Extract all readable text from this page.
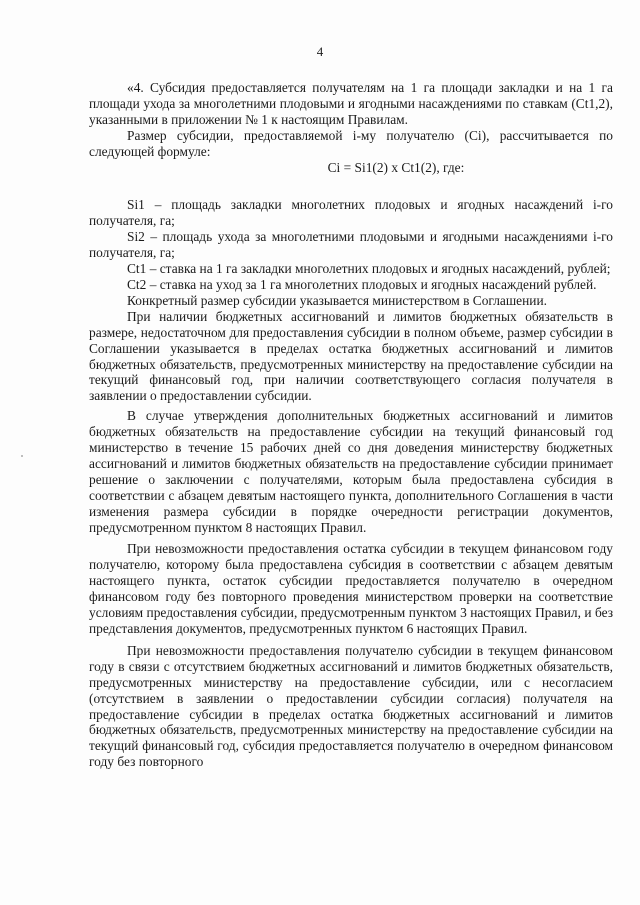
4

«4. Субсидия предоставляется получателям на 1 га площади закладки и на 1 га площади ухода за многолетними плодовыми и ягодными насаждениями по ставкам (Ct1,2), указанными в приложении № 1 к настоящим Правилам.

Размер субсидии, предоставляемой i-му получателю (Ci), рассчитывается по следующей формуле:

Ci = Si1(2) x Ct1(2), где:

Si1 – площадь закладки многолетних плодовых и ягодных насаждений i-го получателя, га;

Si2 – площадь ухода за многолетними плодовыми и ягодными насаждениями i-го получателя, га;

Ct1 – ставка на 1 га закладки многолетних плодовых и ягодных насаждений, рублей;

Ct2 – ставка на уход за 1 га многолетних плодовых и ягодных насаждений рублей.

Конкретный размер субсидии указывается министерством в Соглашении.

При наличии бюджетных ассигнований и лимитов бюджетных обязательств в размере, недостаточном для предоставления субсидии в полном объеме, размер субсидии в Соглашении указывается в пределах остатка бюджетных ассигнований и лимитов бюджетных обязательств, предусмотренных министерству на предоставление субсидии на текущий финансовый год, при наличии соответствующего согласия получателя в заявлении о предоставлении субсидии.

В случае утверждения дополнительных бюджетных ассигнований и лимитов бюджетных обязательств на предоставление субсидии на текущий финансовый год министерство в течение 15 рабочих дней со дня доведения министерству бюджетных ассигнований и лимитов бюджетных обязательств на предоставление субсидии принимает решение о заключении с получателями, которым была предоставлена субсидия в соответствии с абзацем девятым настоящего пункта, дополнительного Соглашения в части изменения размера субсидии в порядке очередности регистрации документов, предусмотренном пунктом 8 настоящих Правил.

При невозможности предоставления остатка субсидии в текущем финансовом году получателю, которому была предоставлена субсидия в соответствии с абзацем девятым настоящего пункта, остаток субсидии предоставляется получателю в очередном финансовом году без повторного проведения министерством проверки на соответствие условиям предоставления субсидии, предусмотренным пунктом 3 настоящих Правил, и без представления документов, предусмотренных пунктом 6 настоящих Правил.

При невозможности предоставления получателю субсидии в текущем финансовом году в связи с отсутствием бюджетных ассигнований и лимитов бюджетных обязательств, предусмотренных министерству на предоставление субсидии, или с несогласием (отсутствием в заявлении о предоставлении субсидии согласия) получателя на предоставление субсидии в пределах остатка бюджетных ассигнований и лимитов бюджетных обязательств, предусмотренных министерству на предоставление субсидии на текущий финансовый год, субсидия предоставляется получателю в очередном финансовом году без повторного
